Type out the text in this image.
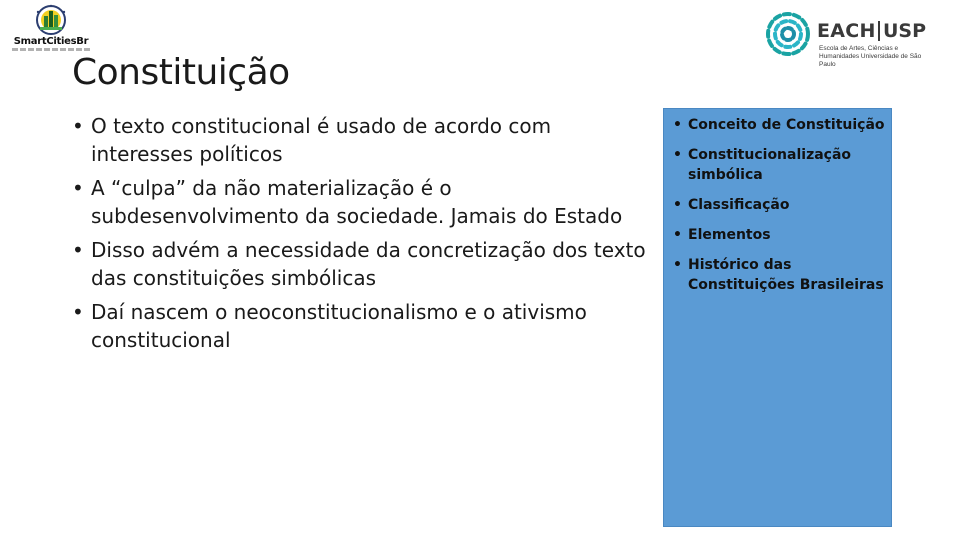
SmartCitiesBr	EACH USP
Escola de Artes, Ciências e Humanidades Universidade de São Paulo
Constituição
• O texto constitucional é usado de acordo com interesses políticos
• A “culpa” da não materialização é o subdesenvolvimento da sociedade. Jamais do Estado
• Disso advém a necessidade da concretização dos texto das constituições simbólicas
• Daí nascem o neoconstitucionalismo e o ativismo constitucional
• Conceito de Constituição
• Constitucionalização simbólica
• Classificação
• Elementos
• Histórico das Constituições Brasileiras
